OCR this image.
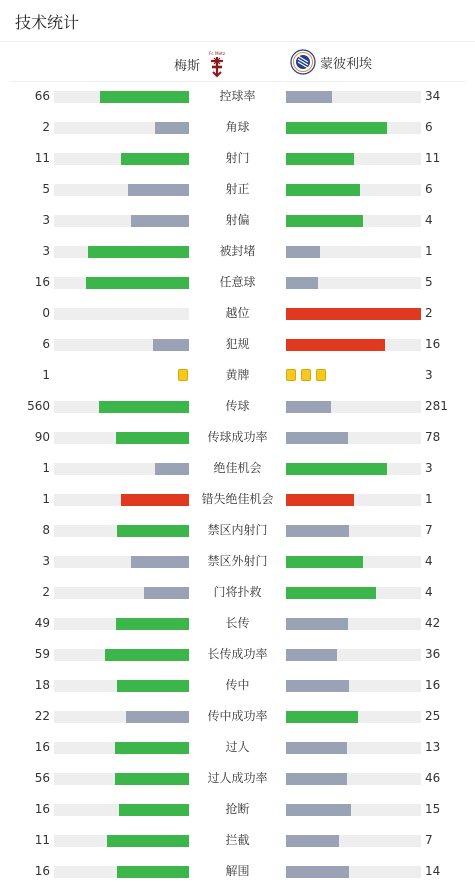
技术统计
梅斯
Fc Metz
蒙彼利埃
66	控球率	34
2	角球	6
11	射门	11
5	射正	6
3	射偏	4
3	被封堵	1
16	任意球	5
0	越位	2
6	犯规	16
1	黄牌	3
560	传球	281
90	传球成功率	78
1	绝佳机会	3
1	错失绝佳机会	1
8	禁区内射门	7
3	禁区外射门	4
2	门将扑救	4
49	长传	42
59	长传成功率	36
18	传中	16
22	传中成功率	25
16	过人	13
56	过人成功率	46
16	抢断	15
11	拦截	7
16	解围	14
